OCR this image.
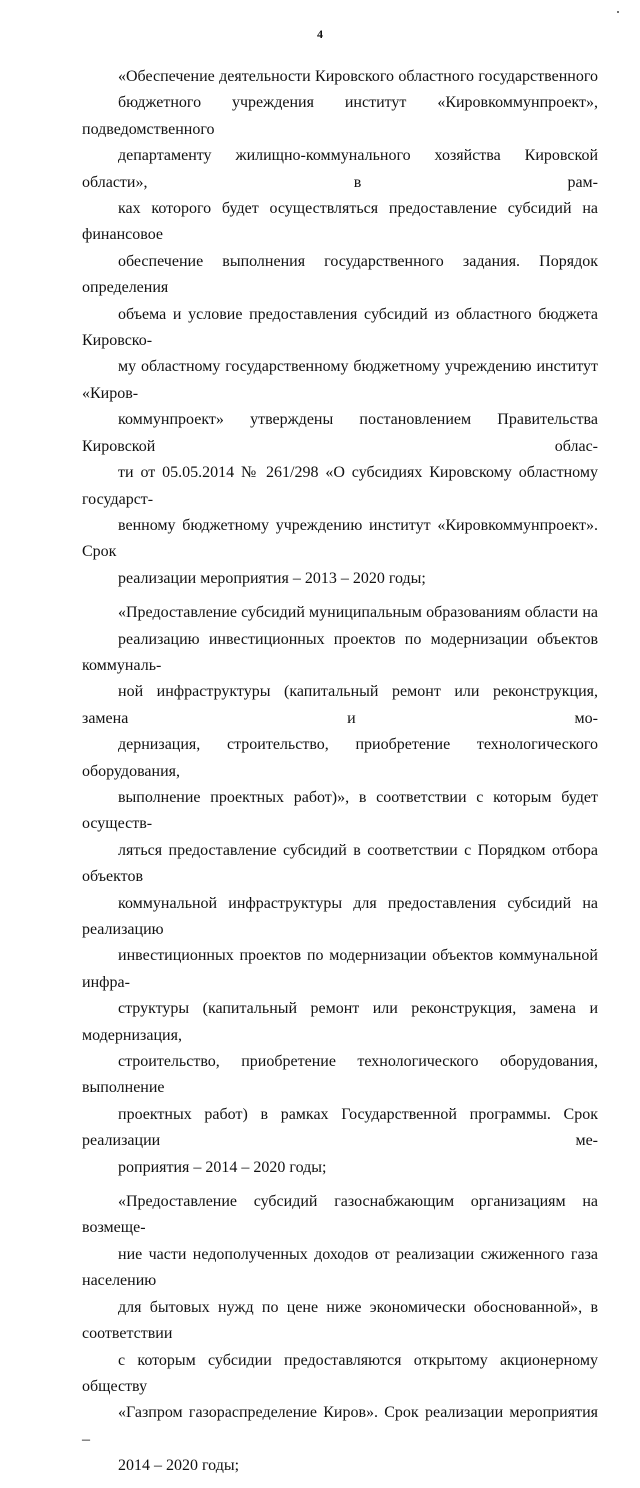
4

«Обеспечение деятельности Кировского областного государственного
бюджетного учреждения институт «Кировкоммунпроект», подведомственного
департаменту жилищно-коммунального хозяйства Кировской области», в рам-
ках которого будет осуществляться предоставление субсидий на финансовое
обеспечение выполнения государственного задания. Порядок определения
объема и условие предоставления субсидий из областного бюджета Кировско-
му областному государственному бюджетному учреждению институт «Киров-
коммунпроект» утверждены постановлением Правительства Кировской облас-
ти от 05.05.2014 № 261/298 «О субсидиях Кировскому областному государст-
венному бюджетному учреждению институт «Кировкоммунпроект». Срок
реализации мероприятия – 2013 – 2020 годы;

«Предоставление субсидий муниципальным образованиям области на
реализацию инвестиционных проектов по модернизации объектов коммуналь-
ной инфраструктуры (капитальный ремонт или реконструкция, замена и мо-
дернизация, строительство, приобретение технологического оборудования,
выполнение проектных работ)», в соответствии с которым будет осуществ-
ляться предоставление субсидий в соответствии с Порядком отбора объектов
коммунальной инфраструктуры для предоставления субсидий на реализацию
инвестиционных проектов по модернизации объектов коммунальной инфра-
структуры (капитальный ремонт или реконструкция, замена и модернизация,
строительство, приобретение технологического оборудования, выполнение
проектных работ) в рамках Государственной программы. Срок реализации ме-
роприятия – 2014 – 2020 годы;

«Предоставление субсидий газоснабжающим организациям на возмеще-
ние части недополученных доходов от реализации сжиженного газа населению
для бытовых нужд по цене ниже экономически обоснованной», в соответствии
с которым субсидии предоставляются открытому акционерному обществу
«Газпром газораспределение Киров». Срок реализации мероприятия –
2014 – 2020 годы;
